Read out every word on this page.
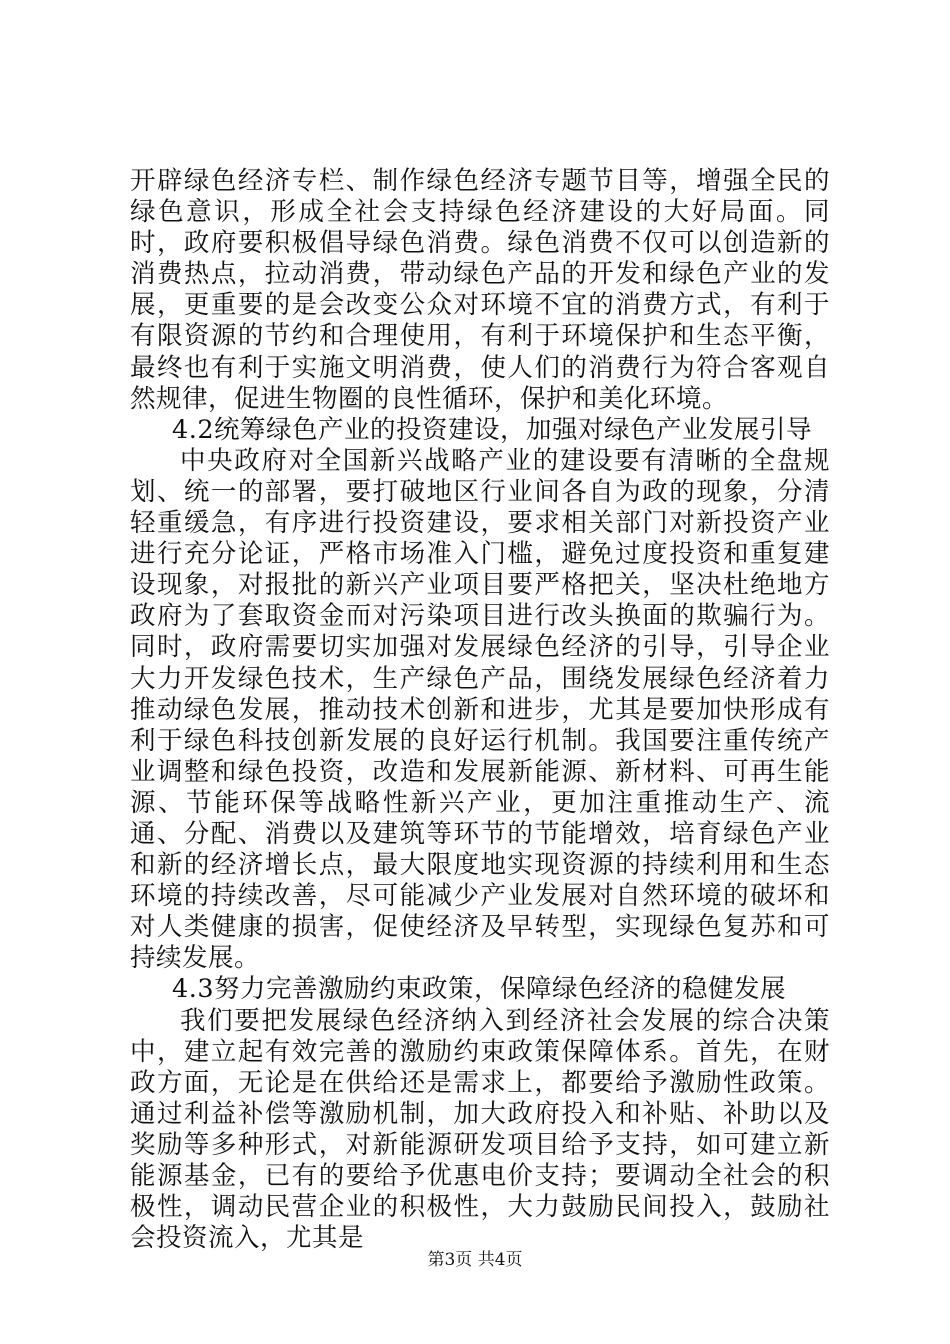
开辟绿色经济专栏、制作绿色经济专题节目等，增强全民的绿色意识，形成全社会支持绿色经济建设的大好局面。同时，政府要积极倡导绿色消费。绿色消费不仅可以创造新的消费热点，拉动消费，带动绿色产品的开发和绿色产业的发展，更重要的是会改变公众对环境不宜的消费方式，有利于有限资源的节约和合理使用，有利于环境保护和生态平衡，最终也有利于实施文明消费，使人们的消费行为符合客观自然规律，促进生物圈的良性循环，保护和美化环境。

4.2统筹绿色产业的投资建设，加强对绿色产业发展引导

中央政府对全国新兴战略产业的建设要有清晰的全盘规划、统一的部署，要打破地区行业间各自为政的现象，分清轻重缓急，有序进行投资建设，要求相关部门对新投资产业进行充分论证，严格市场准入门槛，避免过度投资和重复建设现象，对报批的新兴产业项目要严格把关，坚决杜绝地方政府为了套取资金而对污染项目进行改头换面的欺骗行为。同时，政府需要切实加强对发展绿色经济的引导，引导企业大力开发绿色技术，生产绿色产品，围绕发展绿色经济着力推动绿色发展，推动技术创新和进步，尤其是要加快形成有利于绿色科技创新发展的良好运行机制。我国要注重传统产业调整和绿色投资，改造和发展新能源、新材料、可再生能源、节能环保等战略性新兴产业，更加注重推动生产、流通、分配、消费以及建筑等环节的节能增效，培育绿色产业和新的经济增长点，最大限度地实现资源的持续利用和生态环境的持续改善，尽可能减少产业发展对自然环境的破坏和对人类健康的损害，促使经济及早转型，实现绿色复苏和可持续发展。

4.3努力完善激励约束政策，保障绿色经济的稳健发展

我们要把发展绿色经济纳入到经济社会发展的综合决策中，建立起有效完善的激励约束政策保障体系。首先，在财政方面，无论是在供给还是需求上，都要给予激励性政策。通过利益补偿等激励机制，加大政府投入和补贴、补助以及奖励等多种形式，对新能源研发项目给予支持，如可建立新能源基金，已有的要给予优惠电价支持；要调动全社会的积极性，调动民营企业的积极性，大力鼓励民间投入，鼓励社会投资流入，尤其是

第3页 共4页
